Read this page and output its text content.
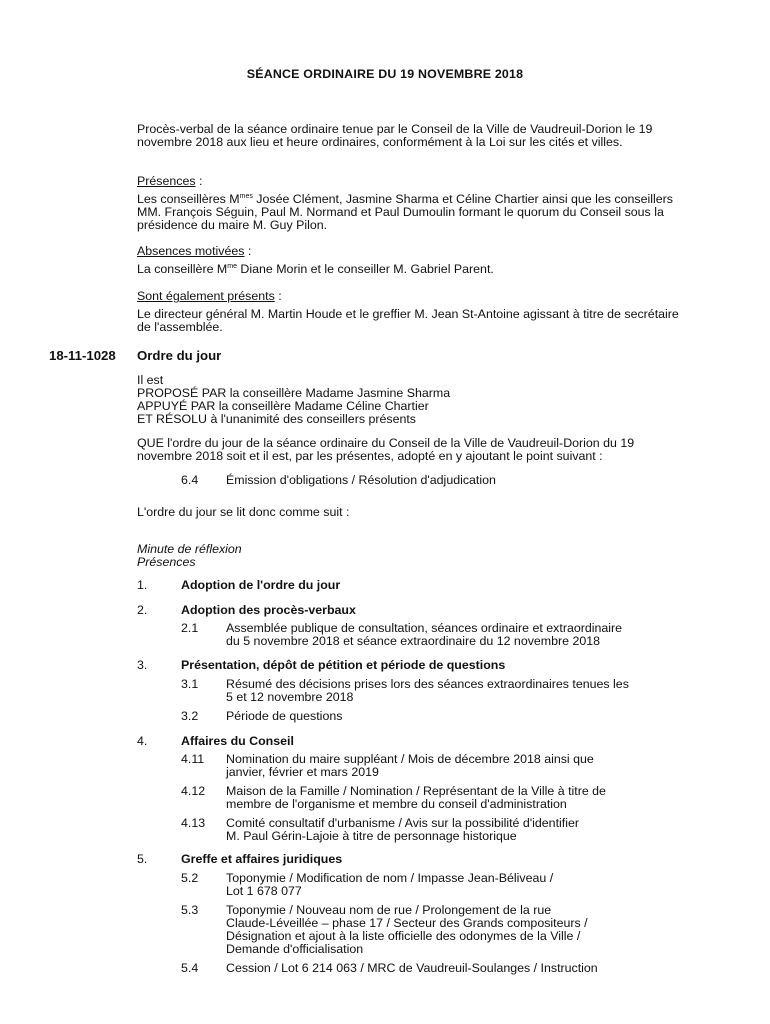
SÉANCE ORDINAIRE DU 19 NOVEMBRE 2018
Procès-verbal de la séance ordinaire tenue par le Conseil de la Ville de Vaudreuil-Dorion le 19 novembre 2018 aux lieu et heure ordinaires, conformément à la Loi sur les cités et villes.
Présences :
Les conseillères $M^{mes}$ Josée Clément, Jasmine Sharma et Céline Chartier ainsi que les conseillers MM. François Séguin, Paul M. Normand et Paul Dumoulin formant le quorum du Conseil sous la présidence du maire M. Guy Pilon.
Absences motivées :
La conseillère $M^{me}$ Diane Morin et le conseiller M. Gabriel Parent.
Sont également présents :
Le directeur général M. Martin Houde et le greffier M. Jean St-Antoine agissant à titre de secrétaire de l'assemblée.
18-11-1028 Ordre du jour
Il est
PROPOSÉ PAR la conseillère Madame Jasmine Sharma
APPUYÉ PAR la conseillère Madame Céline Chartier
ET RÉSOLU à l'unanimité des conseillers présents
QUE l'ordre du jour de la séance ordinaire du Conseil de la Ville de Vaudreuil-Dorion du 19 novembre 2018 soit et il est, par les présentes, adopté en y ajoutant le point suivant :
6.4 Émission d'obligations / Résolution d'adjudication
L'ordre du jour se lit donc comme suit :
Minute de réflexion
Présences
1.	Adoption de l'ordre du jour
2.	Adoption des procès-verbaux
2.1 Assemblée publique de consultation, séances ordinaire et extraordinaire
du 5 novembre 2018 et séance extraordinaire du 12 novembre 2018
3.	Présentation, dépôt de pétition et période de questions
3.1 Résumé des décisions prises lors des séances extraordinaires tenues les
5 et 12 novembre 2018
3.2 Période de questions
4.	Affaires du Conseil
4.11 Nomination du maire suppléant / Mois de décembre 2018 ainsi que
janvier, février et mars 2019
4.12 Maison de la Famille / Nomination / Représentant de la Ville à titre de
membre de l'organisme et membre du conseil d'administration
4.13 Comité consultatif d'urbanisme / Avis sur la possibilité d'identifier
M. Paul Gérin-Lajoie à titre de personnage historique
5.	Greffe et affaires juridiques
5.2 Toponymie / Modification de nom / Impasse Jean-Béliveau /
Lot 1 678 077
5.3 Toponymie / Nouveau nom de rue / Prolongement de la rue
Claude-Léveillée – phase 17 / Secteur des Grands compositeurs /
Désignation et ajout à la liste officielle des odonymes de la Ville /
Demande d'officialisation
5.4 Cession / Lot 6 214 063 / MRC de Vaudreuil-Soulanges / Instruction
